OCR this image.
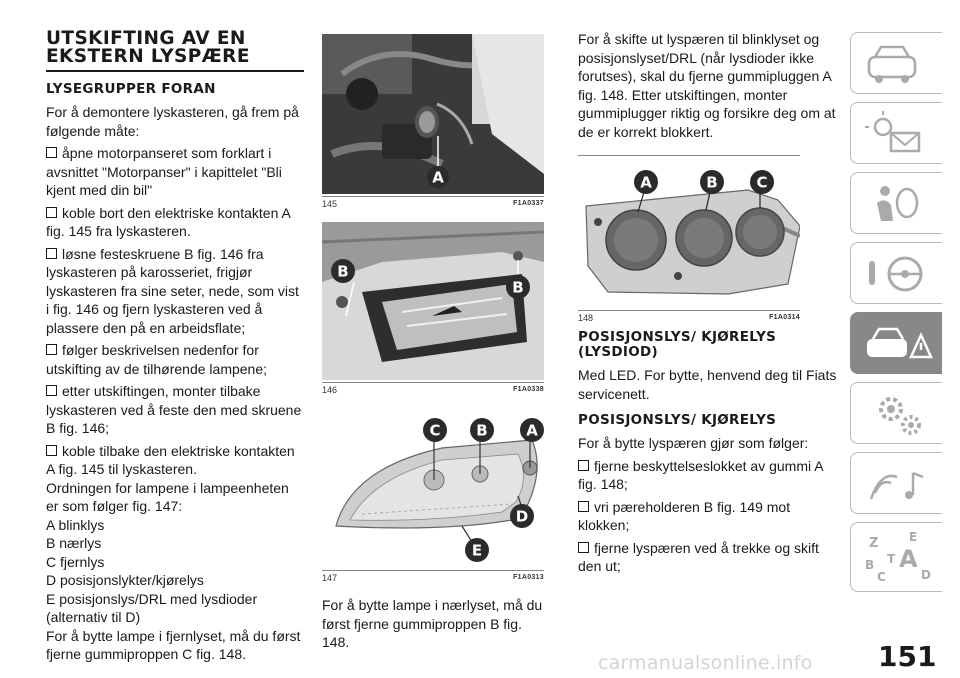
UTSKIFTING AV EN EKSTERN LYSPÆRE
LYSEGRUPPER FORAN

For å demontere lyskasteren, gå frem på følgende måte:

åpne motorpanseret som forklart i avsnittet "Motorpanser" i kapittelet "Bli kjent med din bil"

koble bort den elektriske kontakten A fig. 145 fra lyskasteren.

løsne festeskruene B fig. 146 fra lyskasteren på karosseriet, frigjør lyskasteren fra sine seter, nede, som vist i fig. 146 og fjern lyskasteren ved å plassere den på en arbeidsflate;

følger beskrivelsen nedenfor for utskifting av de tilhørende lampene;

etter utskiftingen, monter tilbake lyskasteren ved å feste den med skruene B fig. 146;

koble tilbake den elektriske kontakten A fig. 145 til lyskasteren.

Ordningen for lampene i lampeenheten er som følger fig. 147:

A blinklys

B nærlys

C fjernlys

D posisjonslykter/kjørelys

E posisjonslys/DRL med lysdioder (alternativ til D)

For å bytte lampe i fjernlyset, må du først fjerne gummiproppen C fig. 148.

A
145	F1A0337
B
B
146	F1A0338
C B	A
D
E
147	F1A0313

For å bytte lampe i nærlyset, må du først fjerne gummiproppen B fig. 148.

For å skifte ut lyspæren til blinklyset og posisjonslyset/DRL (når lysdioder ikke forutses), skal du fjerne gummipluggen A fig. 148. Etter utskiftingen, monter gummiplugger riktig og forsikre deg om at de er korrekt blokkert.

A	B	C
148	F1A0314
POSISJONSLYS/ KJØRELYS (LYSDIOD)

Med LED. For bytte, henvend deg til Fiats servicenett.

POSISJONSLYS/ KJØRELYS

For å bytte lyspæren gjør som følger:

fjerne beskyttelseslokket av gummi A fig. 148;

vri pæreholderen B fig. 149 mot klokken;

fjerne lyspæren ved å trekke og skift den ut;

Z	E
B A
C
T
D
151
carmanualsonline.info
